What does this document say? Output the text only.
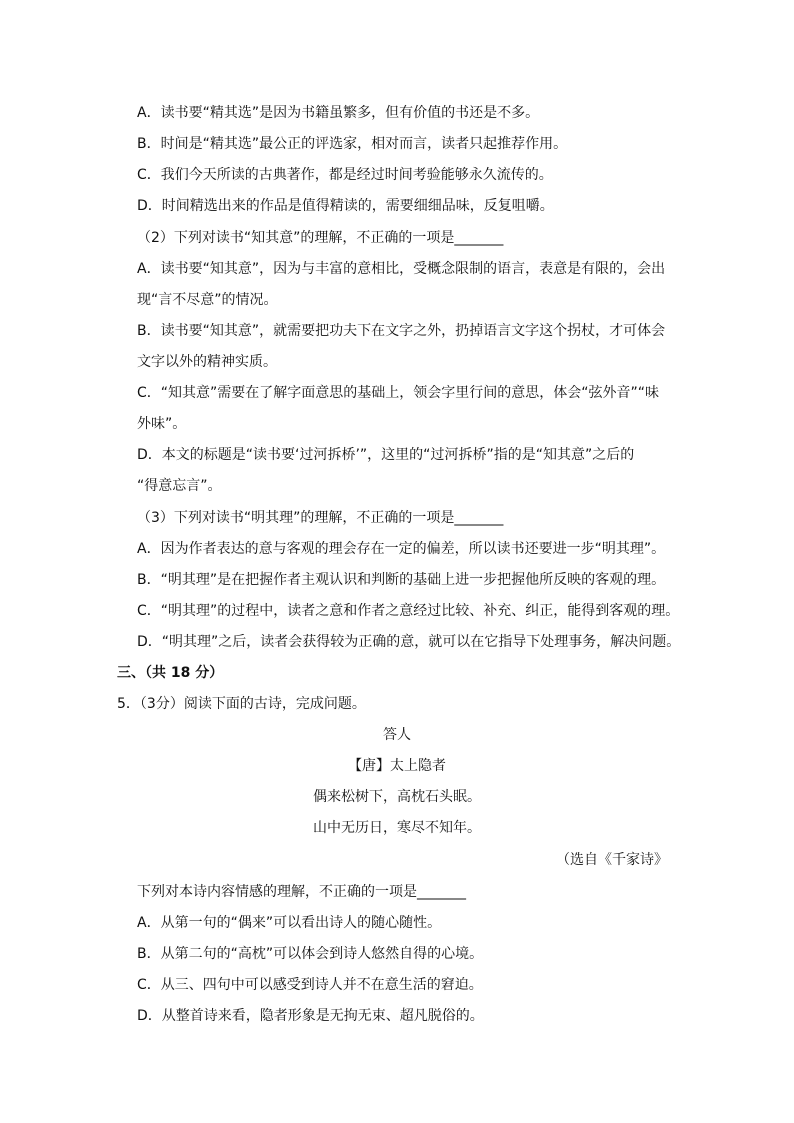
A．读书要“精其选”是因为书籍虽繁多，但有价值的书还是不多。
B．时间是“精其选”最公正的评选家，相对而言，读者只起推荐作用。
C．我们今天所读的古典著作，都是经过时间考验能够永久流传的。
D．时间精选出来的作品是值得精读的，需要细细品味，反复咀嚼。
（2）下列对读书“知其意”的理解，不正确的一项是_______
A．读书要“知其意”，因为与丰富的意相比，受概念限制的语言，表意是有限的，会出
现“言不尽意”的情况。
B．读书要“知其意”，就需要把功夫下在文字之外，扔掉语言文字这个拐杖，才可体会
文字以外的精神实质。
C．“知其意”需要在了解字面意思的基础上，领会字里行间的意思，体会“弦外音”“味
外味”。
D．本文的标题是“读书要‘过河拆桥’”，这里的“过河拆桥”指的是“知其意”之后的
“得意忘言”。
（3）下列对读书“明其理”的理解，不正确的一项是_______
A．因为作者表达的意与客观的理会存在一定的偏差，所以读书还要进一步“明其理”。
B．“明其理”是在把握作者主观认识和判断的基础上进一步把握他所反映的客观的理。
C．“明其理”的过程中，读者之意和作者之意经过比较、补充、纠正，能得到客观的理。
D．“明其理”之后，读者会获得较为正确的意，就可以在它指导下处理事务，解决问题。
三、（共 18 分）
5．（3分）阅读下面的古诗，完成问题。
答人
【唐】太上隐者
偶来松树下，高枕石头眠。
山中无历日，寒尽不知年。
（选自《千家诗》
下列对本诗内容情感的理解，不正确的一项是_______
A．从第一句的“偶来”可以看出诗人的随心随性。
B．从第二句的“高枕”可以体会到诗人悠然自得的心境。
C．从三、四句中可以感受到诗人并不在意生活的窘迫。
D．从整首诗来看，隐者形象是无拘无束、超凡脱俗的。
